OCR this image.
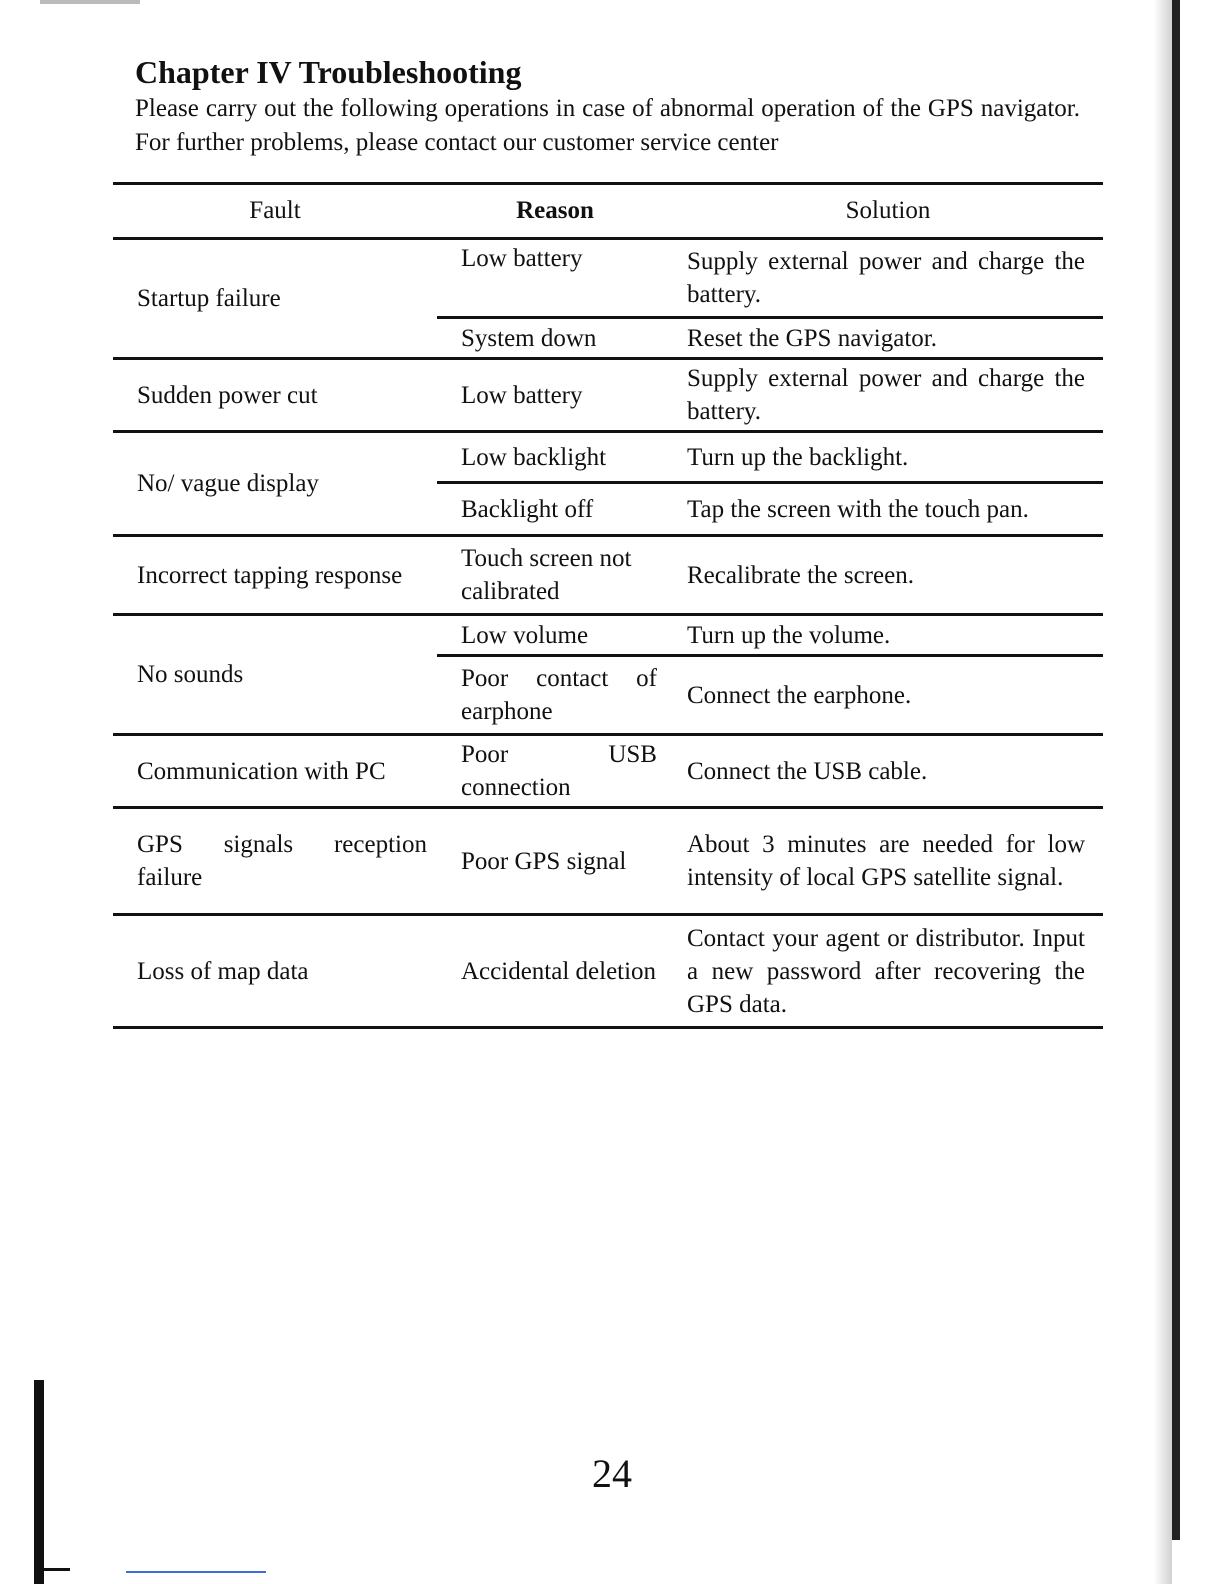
Chapter IV Troubleshooting

Please carry out the following operations in case of abnormal operation of the GPS navigator. For further problems, please contact our customer service center

Fault	Reason	Solution
Startup failure	Low battery	Supply external power and charge the battery.
	System down	Reset the GPS navigator.
Sudden power cut	Low battery	Supply external power and charge the battery.
No/ vague display	Low backlight	Turn up the backlight.
	Backlight off	Tap the screen with the touch pan.
Incorrect tapping response	Touch screen not calibrated	Recalibrate the screen.
No sounds	Low volume	Turn up the volume.
	Poor contact of earphone	Connect the earphone.
Communication with PC	Poor USB connection	Connect the USB cable.
GPS signals reception failure	Poor GPS signal	About 3 minutes are needed for low intensity of local GPS satellite signal.
Loss of map data	Accidental deletion	Contact your agent or distributor. Input a new password after recovering the GPS data.

24
